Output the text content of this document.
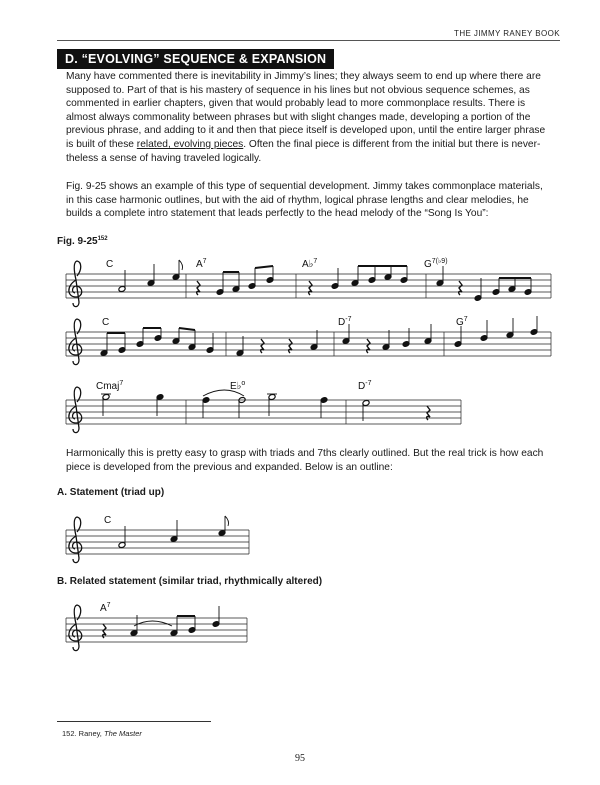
THE JIMMY RANEY BOOK
D. “EVOLVING” SEQUENCE & EXPANSION

Many have commented there is inevitability in Jimmy’s lines; they always seem to end up where there are supposed to. Part of that is his mastery of sequence in his lines but not obvious sequence schemes, as commented in earlier chapters, given that would probably lead to more commonplace results. There is almost always commonality between phrases but with slight changes made, developing a portion of the previous phrase, and adding to it and then that piece itself is developed upon, until the entire larger phrase is built of these related, evolving pieces. Often the final piece is different from the initial but there is never-theless a sense of having traveled logically.

Fig. 9-25 shows an example of this type of sequential development. Jimmy takes commonplace materials, in this case harmonic outlines, but with the aid of rhythm, logical phrase lengths and clear melodies, he builds a complete intro statement that leads perfectly to the head melody of the “Song Is You”:

Fig. $9-25^{152}$
C	$A^7$	A♭$^7$	$G^{7(♭9)}$
C	$D^{-7}$	$G^7$
Cmaj$^7$	E♭$^o$	$D^{-7}$
C
$A^7$

Harmonically this is pretty easy to grasp with triads and 7ths clearly outlined. But the real trick is how each piece is developed from the previous and expanded. Below is an outline:

A. Statement (triad up)
B. Related statement (similar triad, rhythmically altered)
152. Raney, The Master
95
